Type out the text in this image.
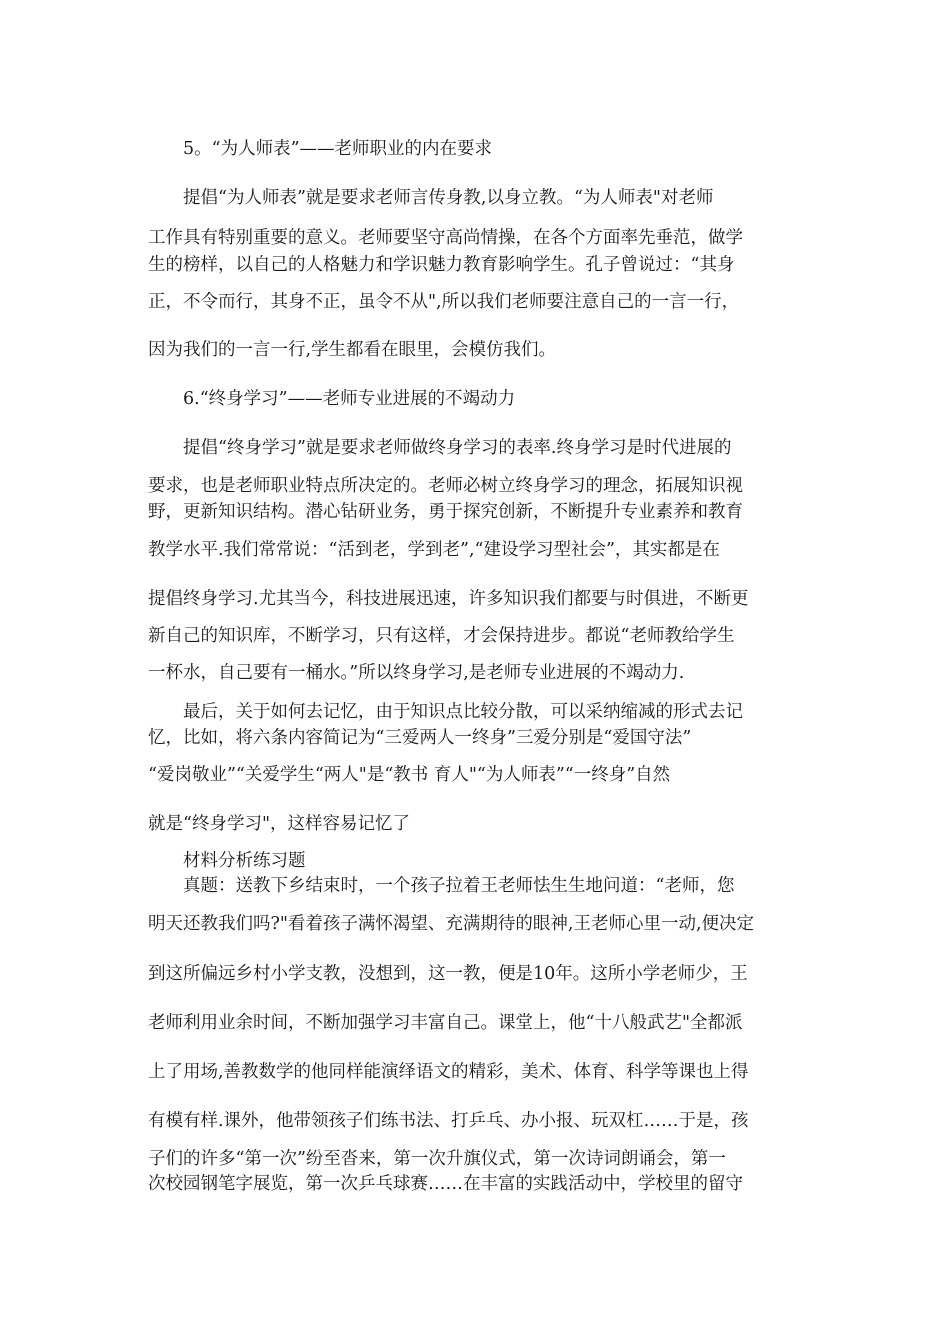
5。“为人师表”——老师职业的内在要求
提倡“为人师表”就是要求老师言传身教,以身立教。“为人师表"对老师
工作具有特别重要的意义。老师要坚守高尚情操，在各个方面率先垂范，做学
生的榜样，以自己的人格魅力和学识魅力教育影响学生。孔子曾说过：“其身
正，不令而行，其身不正，虽令不从",所以我们老师要注意自己的一言一行，
因为我们的一言一行,学生都看在眼里，会模仿我们。
6.“终身学习”——老师专业进展的不竭动力
提倡“终身学习”就是要求老师做终身学习的表率.终身学习是时代进展的
要求，也是老师职业特点所决定的。老师必树立终身学习的理念，拓展知识视
野，更新知识结构。潜心钻研业务，勇于探究创新，不断提升专业素养和教育
教学水平.我们常常说：“活到老，学到老”,“建设学习型社会”，其实都是在
提倡终身学习.尤其当今，科技进展迅速，许多知识我们都要与时俱进，不断更
新自己的知识库，不断学习，只有这样，才会保持进步。都说“老师教给学生
一杯水，自己要有一桶水。”所以终身学习,是老师专业进展的不竭动力.
最后，关于如何去记忆，由于知识点比较分散，可以采纳缩减的形式去记
忆，比如，将六条内容简记为“三爱两人一终身”三爱分别是“爱国守法”
“爱岗敬业”“关爱学生“两人"是“教书 育人"“为人师表”“一终身”自然
就是“终身学习"，这样容易记忆了
材料分析练习题
真题：送教下乡结束时，一个孩子拉着王老师怯生生地问道：“老师，您
明天还教我们吗?"看着孩子满怀渴望、充满期待的眼神,王老师心里一动,便决定
到这所偏远乡村小学支教，没想到，这一教，便是10年。这所小学老师少，王
老师利用业余时间，不断加强学习丰富自己。课堂上，他“十八般武艺"全都派
上了用场,善教数学的他同样能演绎语文的精彩，美术、体育、科学等课也上得
有模有样.课外，他带领孩子们练书法、打乒乓、办小报、玩双杠……于是，孩
子们的许多“第一次”纷至沓来，第一次升旗仪式，第一次诗词朗诵会，第一
次校园钢笔字展览，第一次乒乓球赛……在丰富的实践活动中，学校里的留守
